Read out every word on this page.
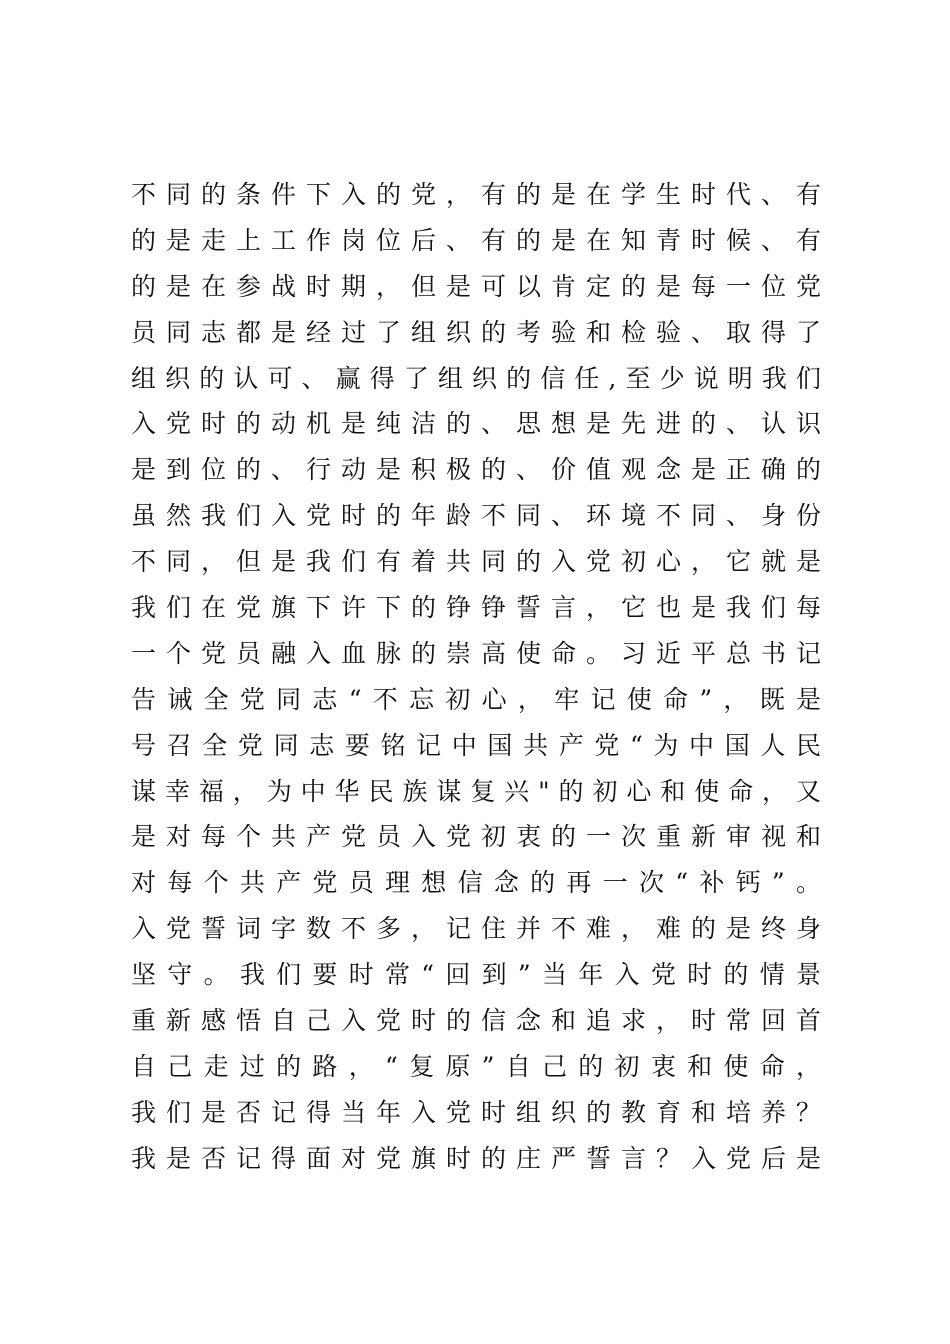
不同的条件下入的党，有的是在学生时代、有
的是走上工作岗位后、有的是在知青时候、有
的是在参战时期，但是可以肯定的是每一位党
员同志都是经过了组织的考验和检验、取得了
组织的认可、赢得了组织的信任,至少说明我们
入党时的动机是纯洁的、思想是先进的、认识
是到位的、行动是积极的、价值观念是正确的
虽然我们入党时的年龄不同、环境不同、身份
不同，但是我们有着共同的入党初心，它就是
我们在党旗下许下的铮铮誓言，它也是我们每
一个党员融入血脉的崇高使命。习近平总书记
告诫全党同志“不忘初心，牢记使命”，既是
号召全党同志要铭记中国共产党“为中国人民
谋幸福，为中华民族谋复兴"的初心和使命，又
是对每个共产党员入党初衷的一次重新审视和
对每个共产党员理想信念的再一次“补钙”。
入党誓词字数不多，记住并不难，难的是终身
坚守。我们要时常“回到”当年入党时的情景
重新感悟自己入党时的信念和追求，时常回首
自己走过的路，“复原”自己的初衷和使命，
我们是否记得当年入党时组织的教育和培养？
我是否记得面对党旗时的庄严誓言？入党后是
